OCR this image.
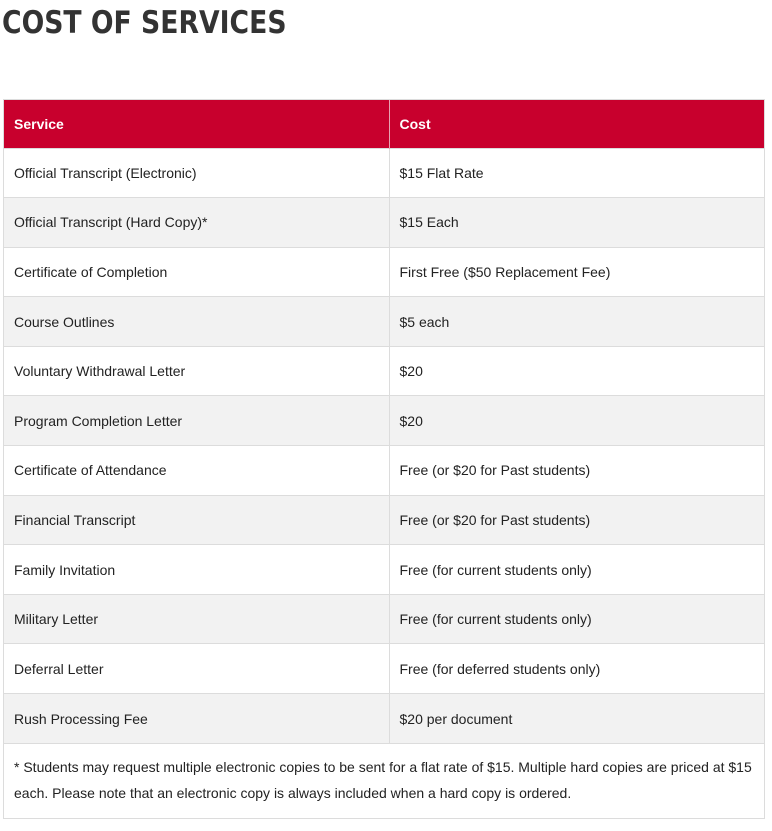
COST OF SERVICES
Service	Cost
Official Transcript (Electronic)	$15 Flat Rate
Official Transcript (Hard Copy)*	$15 Each
Certificate of Completion	First Free ($50 Replacement Fee)
Course Outlines	$5 each
Voluntary Withdrawal Letter	$20
Program Completion Letter	$20
Certificate of Attendance	Free (or $20 for Past students)
Financial Transcript	Free (or $20 for Past students)
Family Invitation	Free (for current students only)
Military Letter	Free (for current students only)
Deferral Letter	Free (for deferred students only)
Rush Processing Fee	$20 per document
* Students may request multiple electronic copies to be sent for a flat rate of $15. Multiple hard copies are priced at $15 each. Please note that an electronic copy is always included when a hard copy is ordered.
